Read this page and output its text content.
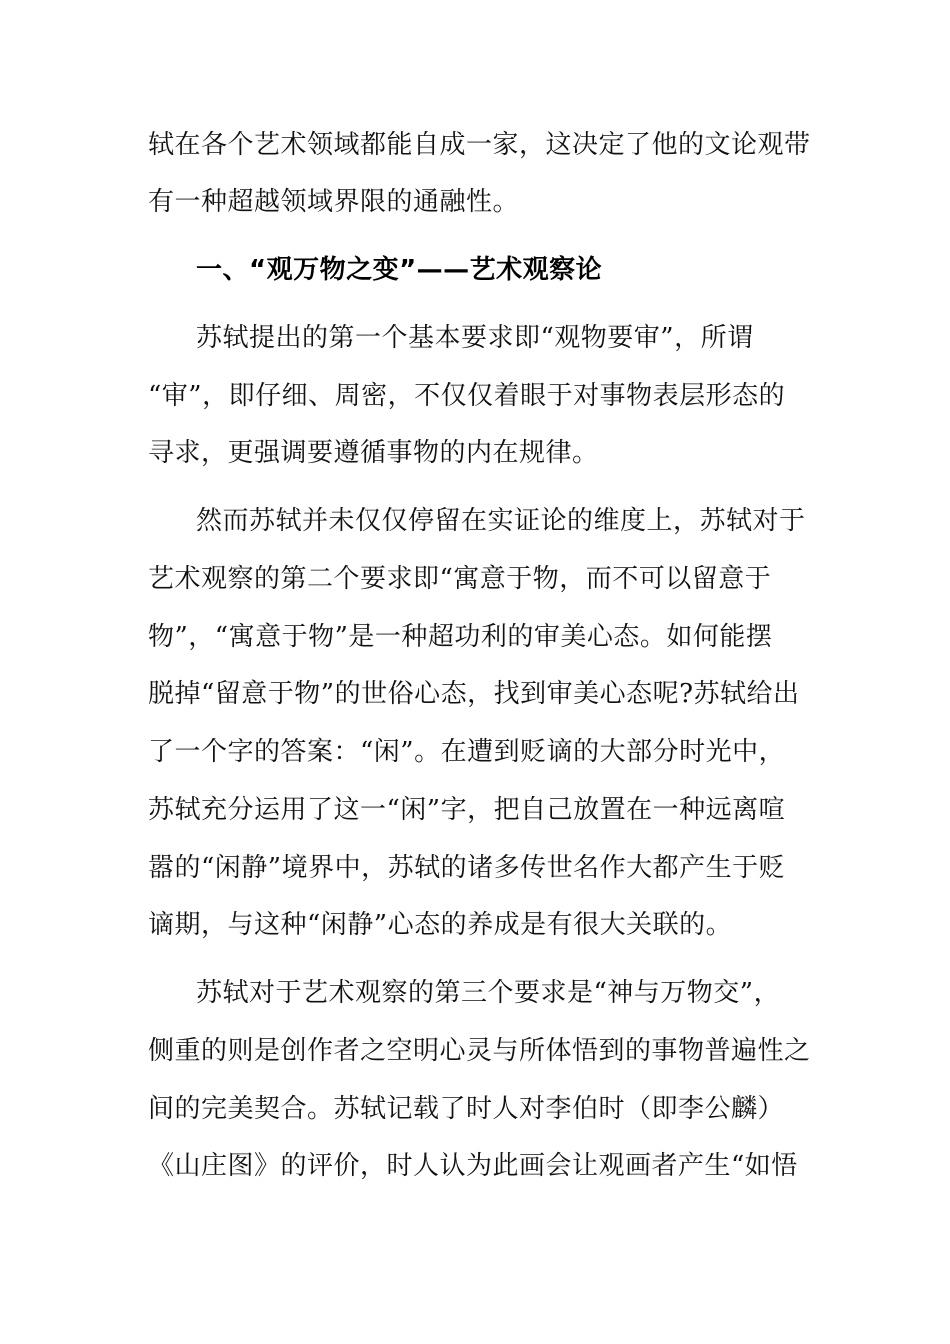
轼在各个艺术领域都能自成一家，这决定了他的文论观带
有一种超越领域界限的通融性。
一、“观万物之变”——艺术观察论
苏轼提出的第一个基本要求即“观物要审”，所谓
“审”，即仔细、周密，不仅仅着眼于对事物表层形态的
寻求，更强调要遵循事物的内在规律。
然而苏轼并未仅仅停留在实证论的维度上，苏轼对于
艺术观察的第二个要求即“寓意于物，而不可以留意于
物”，“寓意于物”是一种超功利的审美心态。如何能摆
脱掉“留意于物”的世俗心态，找到审美心态呢?苏轼给出
了一个字的答案：“闲”。在遭到贬谪的大部分时光中，
苏轼充分运用了这一“闲”字，把自己放置在一种远离喧
嚣的“闲静”境界中，苏轼的诸多传世名作大都产生于贬
谪期，与这种“闲静”心态的养成是有很大关联的。
苏轼对于艺术观察的第三个要求是“神与万物交”，
侧重的则是创作者之空明心灵与所体悟到的事物普遍性之
间的完美契合。苏轼记载了时人对李伯时（即李公麟）
《山庄图》的评价，时人认为此画会让观画者产生“如悟
